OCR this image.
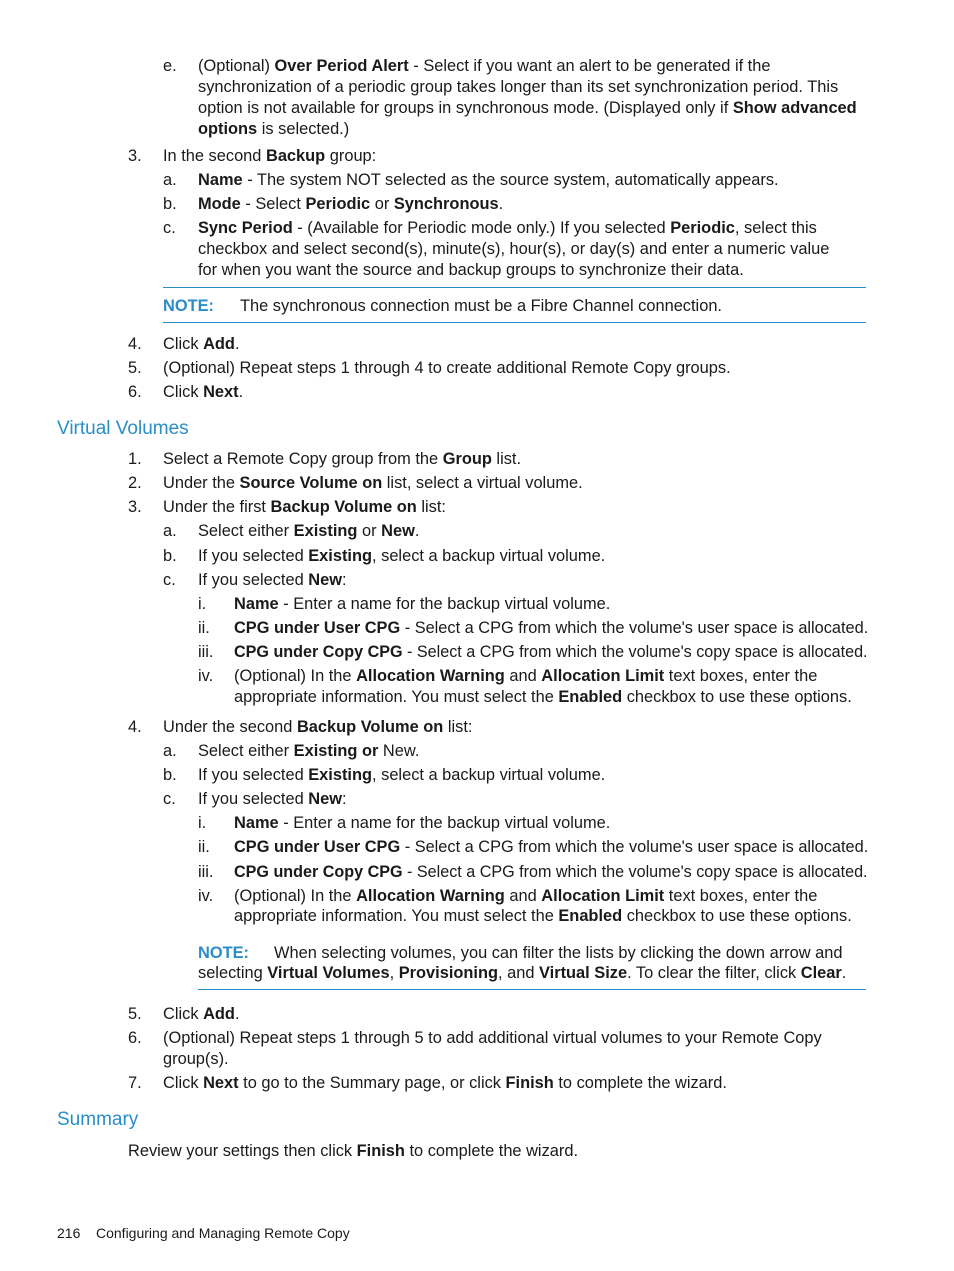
e. (Optional) Over Period Alert - Select if you want an alert to be generated if the
synchronization of a periodic group takes longer than its set synchronization period. This
option is not available for groups in synchronous mode. (Displayed only if Show advanced
options is selected.)
3. In the second Backup group:
a. Name - The system NOT selected as the source system, automatically appears.
b. Mode - Select Periodic or Synchronous.
c. Sync Period - (Available for Periodic mode only.) If you selected Periodic, select this
checkbox and select second(s), minute(s), hour(s), or day(s) and enter a numeric value
for when you want the source and backup groups to synchronize their data.
NOTE: The synchronous connection must be a Fibre Channel connection.
4. Click Add.
5. (Optional) Repeat steps 1 through 4 to create additional Remote Copy groups.
6. Click Next.
Virtual Volumes
1. Select a Remote Copy group from the Group list.
2. Under the Source Volume on list, select a virtual volume.
3. Under the first Backup Volume on list:
a. Select either Existing or New.
b. If you selected Existing, select a backup virtual volume.
c. If you selected New:
i. Name - Enter a name for the backup virtual volume.
ii. CPG under User CPG - Select a CPG from which the volume's user space is allocated.
iii. CPG under Copy CPG - Select a CPG from which the volume's copy space is allocated.
iv. (Optional) In the Allocation Warning and Allocation Limit text boxes, enter the
appropriate information. You must select the Enabled checkbox to use these options.
4. Under the second Backup Volume on list:
a. Select either Existing or New.
b. If you selected Existing, select a backup virtual volume.
c. If you selected New:
i. Name - Enter a name for the backup virtual volume.
ii. CPG under User CPG - Select a CPG from which the volume's user space is allocated.
iii. CPG under Copy CPG - Select a CPG from which the volume's copy space is allocated.
iv. (Optional) In the Allocation Warning and Allocation Limit text boxes, enter the
appropriate information. You must select the Enabled checkbox to use these options.
NOTE: When selecting volumes, you can filter the lists by clicking the down arrow and
selecting Virtual Volumes, Provisioning, and Virtual Size. To clear the filter, click Clear.
5. Click Add.
6. (Optional) Repeat steps 1 through 5 to add additional virtual volumes to your Remote Copy
group(s).
7. Click Next to go to the Summary page, or click Finish to complete the wizard.
Summary
Review your settings then click Finish to complete the wizard.
216 Configuring and Managing Remote Copy
